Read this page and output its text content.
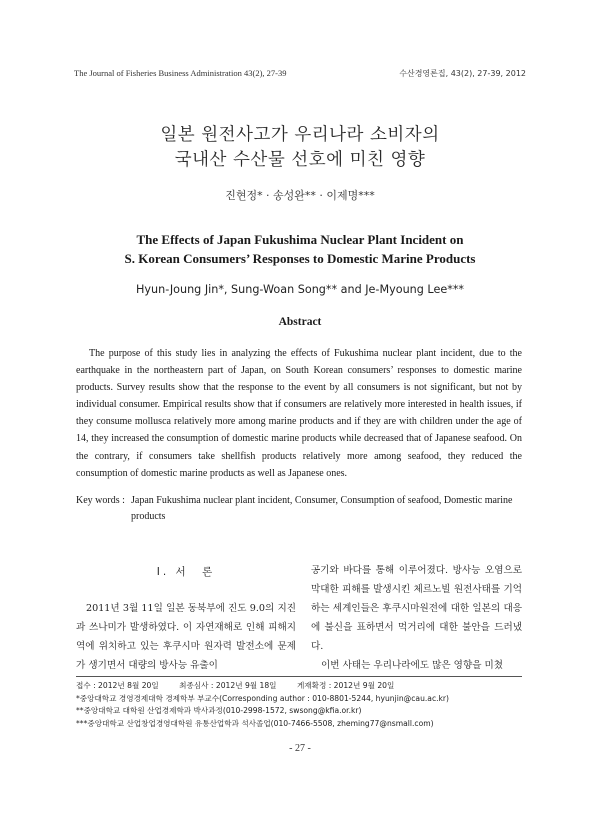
The Journal of Fisheries Business Administration 43(2), 27-39	수산경영론집, 43(2), 27-39, 2012
일본 원전사고가 우리나라 소비자의
국내산 수산물 선호에 미친 영향
진현정* · 송성완** · 이제명***
The Effects of Japan Fukushima Nuclear Plant Incident on
S. Korean Consumers’ Responses to Domestic Marine Products
Hyun-Joung Jin*, Sung-Woan Song** and Je-Myoung Lee***
Abstract

The purpose of this study lies in analyzing the effects of Fukushima nuclear plant incident, due to the earthquake in the northeastern part of Japan, on South Korean consumers’ responses to domestic marine products. Survey results show that the response to the event by all consumers is not significant, but not by individual consumer. Empirical results show that if consumers are relatively more interested in health issues, if they consume mollusca relatively more among marine products and if they are with children under the age of 14, they increased the consumption of domestic marine products while decreased that of Japanese seafood. On the contrary, if consumers take shellfish products relatively more among seafood, they reduced the consumption of domestic marine products as well as Japanese ones.

Key words : Japan Fukushima nuclear plant incident, Consumer, Consumption of seafood, Domestic marine products
Ⅰ. 서　론

2011년 3월 11일 일본 동북부에 진도 9.0의 지진과 쓰나미가 발생하였다. 이 자연재해로 인해 피해지역에 위치하고 있는 후쿠시마 원자력 발전소에 문제가 생기면서 대량의 방사능 유출이

공기와 바다를 통해 이루어졌다. 방사능 오염으로 막대한 피해를 발생시킨 체르노빌 원전사태를 기억하는 세계인들은 후쿠시마원전에 대한 일본의 대응에 불신을 표하면서 먹거리에 대한 불안을 드러냈다.

이번 사태는 우리나라에도 많은 영향을 미쳤

접수 : 2012년 8월 20일	최종심사 : 2012년 9월 18일	게재확정 : 2012년 9월 20일

*중앙대학교 경영경제대학 경제학부 부교수(Corresponding author : 010-8801-5244, hyunjin@cau.ac.kr)

**중앙대학교 대학원 산업경제학과 박사과정(010-2998-1572, swsong@kfia.or.kr)

***중앙대학교 산업창업경영대학원 유통산업학과 석사졸업(010-7466-5508, zheming77@nsmall.com)

- 27 -
